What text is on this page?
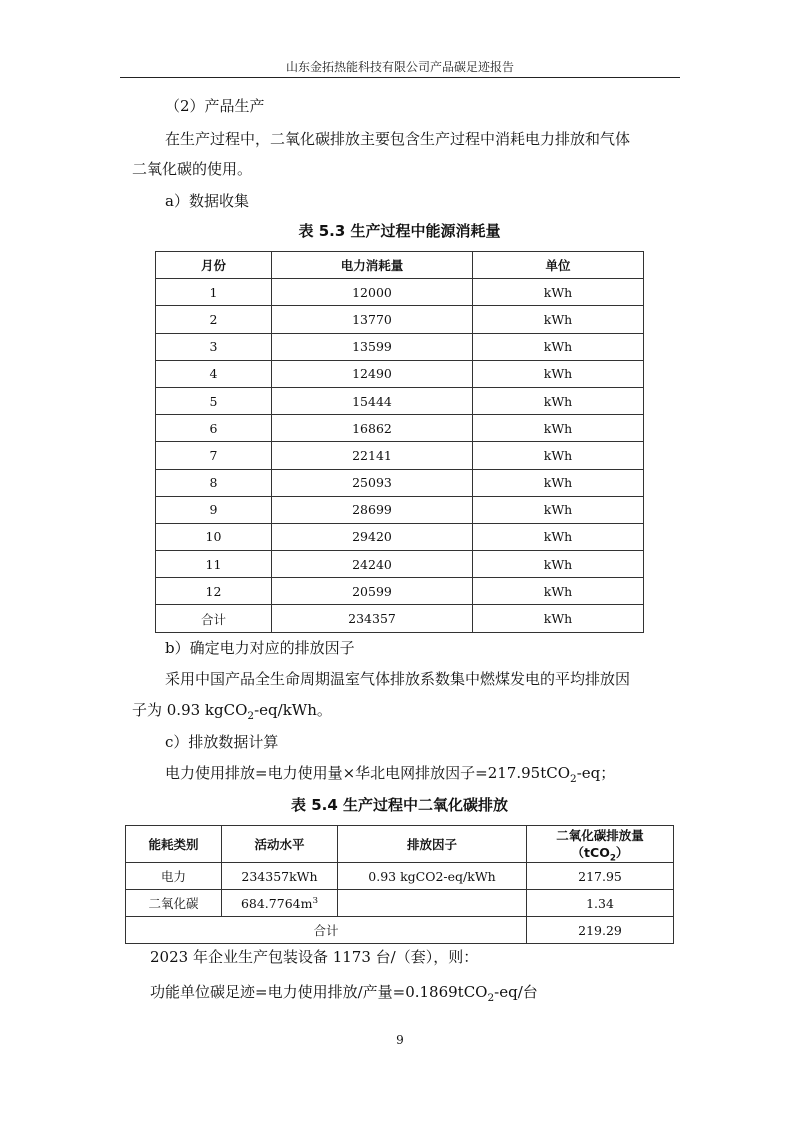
山东金拓热能科技有限公司产品碳足迹报告
（2）产品生产
在生产过程中，二氧化碳排放主要包含生产过程中消耗电力排放和气体
二氧化碳的使用。
a）数据收集
表 5.3 生产过程中能源消耗量
月份	电力消耗量	单位
1	12000	kWh
2	13770	kWh
3	13599	kWh
4	12490	kWh
5	15444	kWh
6	16862	kWh
7	22141	kWh
8	25093	kWh
9	28699	kWh
10	29420	kWh
11	24240	kWh
12	20599	kWh
合计	234357	kWh
b）确定电力对应的排放因子
采用中国产品全生命周期温室气体排放系数集中燃煤发电的平均排放因
子为 0.93 kgCO$_2$-eq/kWh。
c）排放数据计算
电力使用排放=电力使用量×华北电网排放因子=217.95tCO$_2$-eq；
表 5.4 生产过程中二氧化碳排放
能耗类别	活动水平	排放因子	二氧化碳排放量
（tCO$_2$）
电力	234357kWh	0.93 kgCO2-eq/kWh	217.95
二氧化碳	$684.7764m^3$		1.34
合计			219.29
2023 年企业生产包装设备 1173 台/（套），则：
功能单位碳足迹=电力使用排放/产量=0.1869tCO$_2$-eq/台
9
